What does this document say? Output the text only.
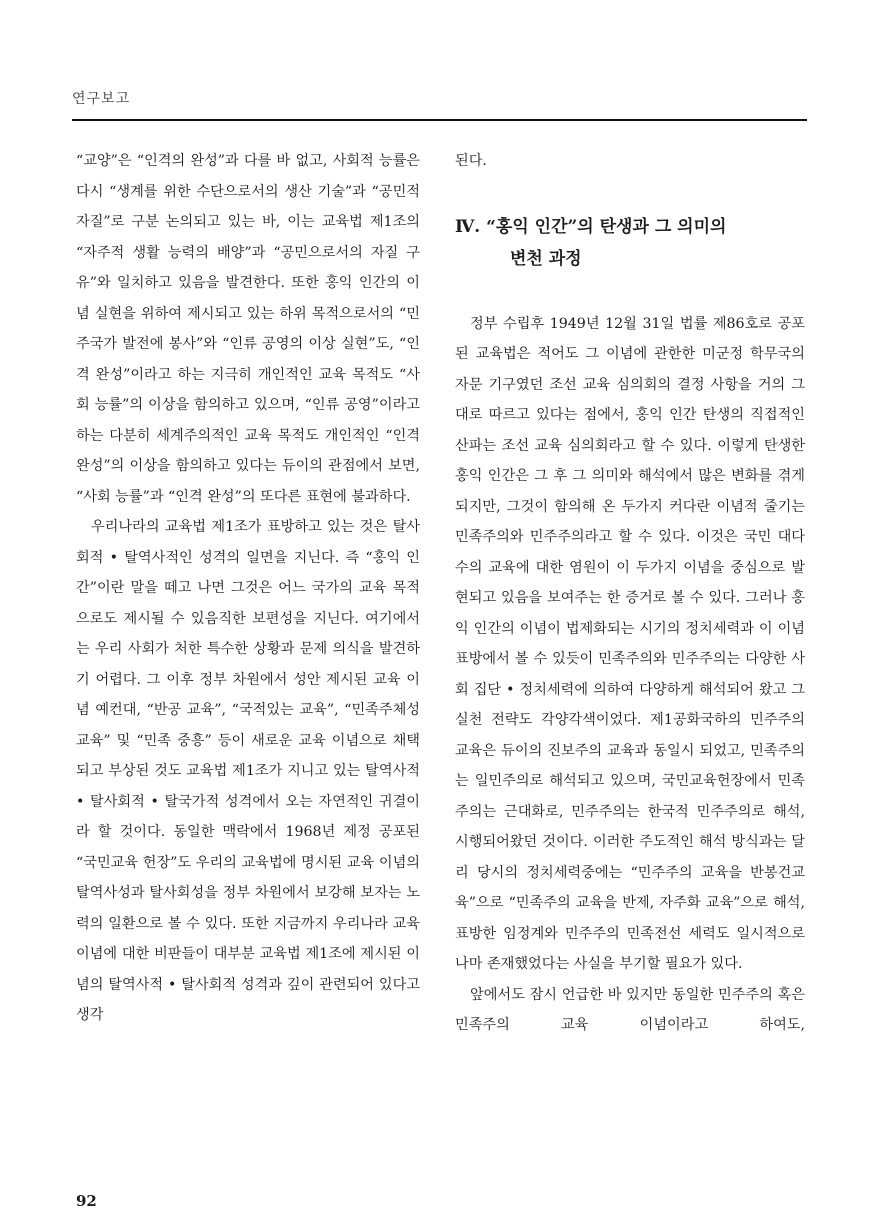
연구보고

“교양”은 “인격의 완성”과 다를 바 없고, 사회적 능률은 다시 “생계를 위한 수단으로서의 생산 기술”과 “공민적 자질”로 구분 논의되고 있는 바, 이는 교육법 제1조의 “자주적 생활 능력의 배양”과 “공민으로서의 자질 구유”와 일치하고 있음을 발견한다. 또한 홍익 인간의 이념 실현을 위하여 제시되고 있는 하위 목적으로서의 “민주국가 발전에 봉사”와 “인류 공영의 이상 실현”도, “인격 완성”이라고 하는 지극히 개인적인 교육 목적도 “사회 능률”의 이상을 함의하고 있으며, “인류 공영”이라고 하는 다분히 세계주의적인 교육 목적도 개인적인 “인격 완성”의 이상을 함의하고 있다는 듀이의 관점에서 보면, “사회 능률”과 “인격 완성”의 또다른 표현에 불과하다.

우리나라의 교육법 제1조가 표방하고 있는 것은 탈사회적 • 탈역사적인 성격의 일면을 지닌다. 즉 “홍익 인간”이란 말을 떼고 나면 그것은 어느 국가의 교육 목적으로도 제시될 수 있음직한 보편성을 지닌다. 여기에서는 우리 사회가 처한 특수한 상황과 문제 의식을 발견하기 어렵다. 그 이후 정부 차원에서 성안 제시된 교육 이념 예컨대, “반공 교육”, “국적있는 교육”, “민족주체성 교육” 및 “민족 중흥” 등이 새로운 교육 이념으로 채택되고 부상된 것도 교육법 제1조가 지니고 있는 탈역사적 • 탈사회적 • 탈국가적 성격에서 오는 자연적인 귀결이라 할 것이다. 동일한 맥락에서 1968년 제정 공포된 “국민교육 헌장”도 우리의 교육법에 명시된 교육 이념의 탈역사성과 탈사회성을 정부 차원에서 보강해 보자는 노력의 일환으로 볼 수 있다. 또한 지금까지 우리나라 교육 이념에 대한 비판들이 대부분 교육법 제1조에 제시된 이념의 탈역사적 • 탈사회적 성격과 깊이 관련되어 있다고 생각

된다.

Ⅳ. “홍익 인간”의 탄생과 그 의미의
변천 과정

정부 수립후 1949년 12월 31일 법률 제86호로 공포된 교육법은 적어도 그 이념에 관한한 미군정 학무국의 자문 기구였던 조선 교육 심의회의 결정 사항을 거의 그대로 따르고 있다는 점에서, 홍익 인간 탄생의 직접적인 산파는 조선 교육 심의회라고 할 수 있다. 이렇게 탄생한 홍익 인간은 그 후 그 의미와 해석에서 많은 변화를 겪게 되지만, 그것이 함의해 온 두가지 커다란 이념적 줄기는 민족주의와 민주주의라고 할 수 있다. 이것은 국민 대다수의 교육에 대한 염원이 이 두가지 이념을 중심으로 발현되고 있음을 보여주는 한 증거로 볼 수 있다. 그러나 홍익 인간의 이념이 법제화되는 시기의 정치세력과 이 이념 표방에서 볼 수 있듯이 민족주의와 민주주의는 다양한 사회 집단 • 정치세력에 의하여 다양하게 해석되어 왔고 그 실천 전략도 각양각색이었다. 제1공화국하의 민주주의 교육은 듀이의 진보주의 교육과 동일시 되었고, 민족주의는 일민주의로 해석되고 있으며, 국민교육헌장에서 민족주의는 근대화로, 민주주의는 한국적 민주주의로 해석, 시행되어왔던 것이다. 이러한 주도적인 해석 방식과는 달리 당시의 정치세력중에는 “민주주의 교육을 반봉건교육”으로 “민족주의 교육을 반제, 자주화 교육”으로 해석, 표방한 임정계와 민주주의 민족전선 세력도 일시적으로나마 존재했었다는 사실을 부기할 필요가 있다.

앞에서도 잠시 언급한 바 있지만 동일한 민주주의 혹은 민족주의 교육 이념이라고 하여도,

92
